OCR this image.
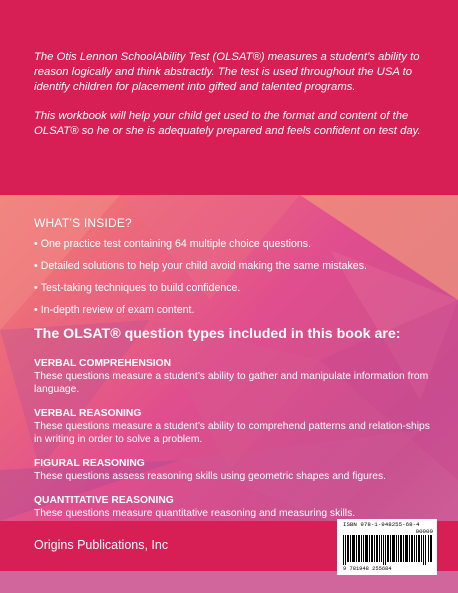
The Otis Lennon SchoolAbility Test (OLSAT®) measures a student’s ability to reason logically and think abstractly. The test is used throughout the USA to identify children for placement into gifted and talented programs.

This workbook will help your child get used to the format and content of the OLSAT® so he or she is adequately prepared and feels confident on test day.

WHAT’S INSIDE?
• One practice test containing 64 multiple choice questions.
• Detailed solutions to help your child avoid making the same mistakes.
• Test-taking techniques to build confidence.
• In-depth review of exam content.
The OLSAT® question types included in this book are:
VERBAL COMPREHENSION

These questions measure a student’s ability to gather and manipulate information from language.

VERBAL REASONING

These questions measure a student’s ability to comprehend patterns and relation-ships in writing in order to solve a problem.

FIGURAL REASONING

These questions assess reasoning skills using geometric shapes and figures.

QUANTITATIVE REASONING

These questions measure quantitative reasoning and measuring skills.

Origins Publications, Inc
ISBN 978-1-948255-68-4
90000
9 781948 255684
